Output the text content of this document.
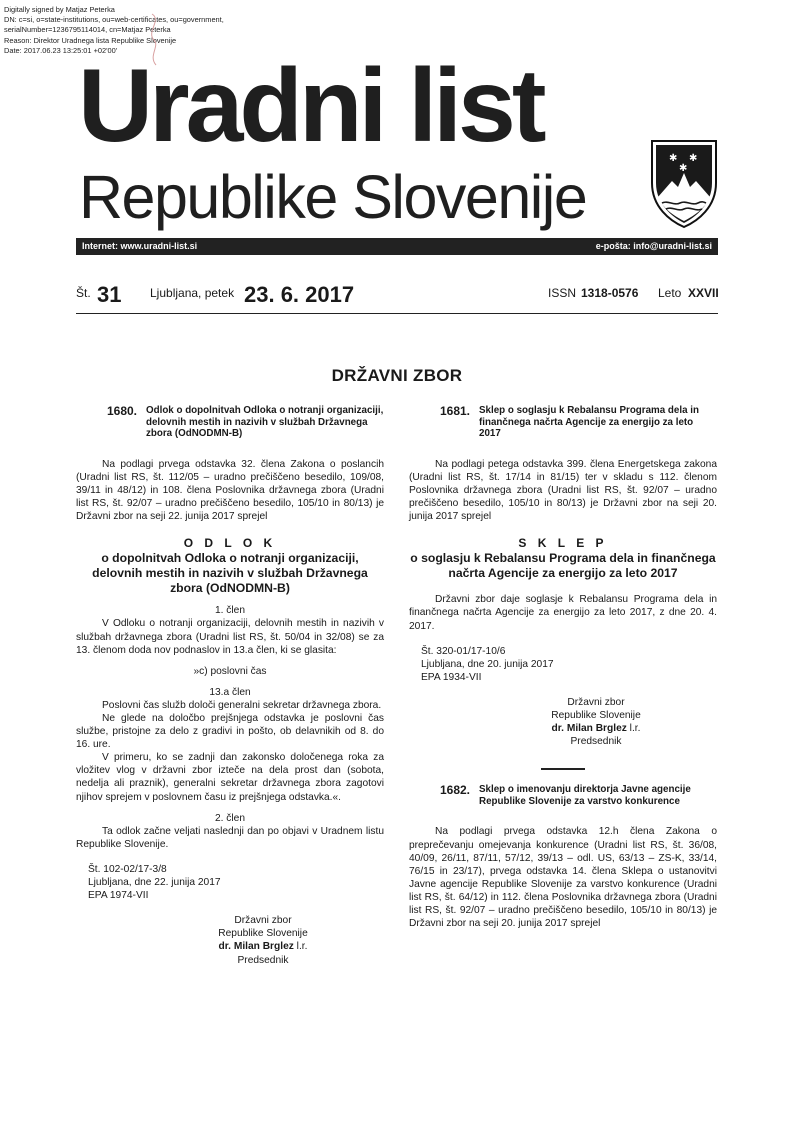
Digitally signed by Matjaz Peterka
DN: c=si, o=state-institutions, ou=web-certificates, ou=government,
serialNumber=1236795114014, cn=Matjaz Peterka
Reason: Direktor Uradnega lista Republike Slovenije
Date: 2017.06.23 13:25:01 +02'00'
Uradni list
Republike Slovenije
✱ ✱
✱
Internet: www.uradni-list.si	e-pošta: info@uradni-list.si
Št. 31 Ljubljana, petek 23. 6. 2017	ISSN 1318-0576 Leto XXVII
DRŽAVNI ZBOR
1680. Odlok o dopolnitvah Odloka o notranji organizaciji, delovnih mestih in nazivih v službah Državnega zbora (OdNODMN-B)

Na podlagi prvega odstavka 32. člena Zakona o poslancih (Uradni list RS, št. 112/05 – uradno prečiščeno besedilo, 109/08, 39/11 in 48/12) in 108. člena Poslovnika državnega zbora (Uradni list RS, št. 92/07 – uradno prečiščeno besedilo, 105/10 in 80/13) je Državni zbor na seji 22. junija 2017 sprejel

O D L O K

o dopolnitvah Odloka o notranji organizaciji, delovnih mestih in nazivih v službah Državnega zbora (OdNODMN-B)

1. člen

V Odloku o notranji organizaciji, delovnih mestih in nazivih v službah državnega zbora (Uradni list RS, št. 50/04 in 32/08) se za 13. členom doda nov podnaslov in 13.a člen, ki se glasita:

»c) poslovni čas

13.a člen

Poslovni čas služb določi generalni sekretar državnega zbora.

Ne glede na določbo prejšnjega odstavka je poslovni čas službe, pristojne za delo z gradivi in pošto, ob delavnikih od 8. do 16. ure.

V primeru, ko se zadnji dan zakonsko določenega roka za vložitev vlog v državni zbor izteče na dela prost dan (sobota, nedelja ali praznik), generalni sekretar državnega zbora zagotovi njihov sprejem v poslovnem času iz prejšnjega odstavka.«.

2. člen

Ta odlok začne veljati naslednji dan po objavi v Uradnem listu Republike Slovenije.

Št. 102-02/17-3/8
Ljubljana, dne 22. junija 2017
EPA 1974-VII
Državni zbor
Republike Slovenije
dr. Milan Brglez l.r.
Predsednik
1681. Sklep o soglasju k Rebalansu Programa dela in finančnega načrta Agencije za energijo za leto 2017

Na podlagi petega odstavka 399. člena Energetskega zakona (Uradni list RS, št. 17/14 in 81/15) ter v skladu s 112. členom Poslovnika državnega zbora (Uradni list RS, št. 92/07 – uradno prečiščeno besedilo, 105/10 in 80/13) je Državni zbor na seji 20. junija 2017 sprejel

S K L E P

o soglasju k Rebalansu Programa dela in finančnega načrta Agencije za energijo za leto 2017

Državni zbor daje soglasje k Rebalansu Programa dela in finančnega načrta Agencije za energijo za leto 2017, z dne 20. 4. 2017.

Št. 320-01/17-10/6
Ljubljana, dne 20. junija 2017
EPA 1934-VII
Državni zbor
Republike Slovenije
dr. Milan Brglez l.r.
Predsednik
1682. Sklep o imenovanju direktorja Javne agencije Republike Slovenije za varstvo konkurence

Na podlagi prvega odstavka 12.h člena Zakona o preprečevanju omejevanja konkurence (Uradni list RS, št. 36/08, 40/09, 26/11, 87/11, 57/12, 39/13 – odl. US, 63/13 – ZS-K, 33/14, 76/15 in 23/17), prvega odstavka 14. člena Sklepa o ustanovitvi Javne agencije Republike Slovenije za varstvo konkurence (Uradni list RS, št. 64/12) in 112. člena Poslovnika državnega zbora (Uradni list RS, št. 92/07 – uradno prečiščeno besedilo, 105/10 in 80/13) je Državni zbor na seji 20. junija 2017 sprejel
